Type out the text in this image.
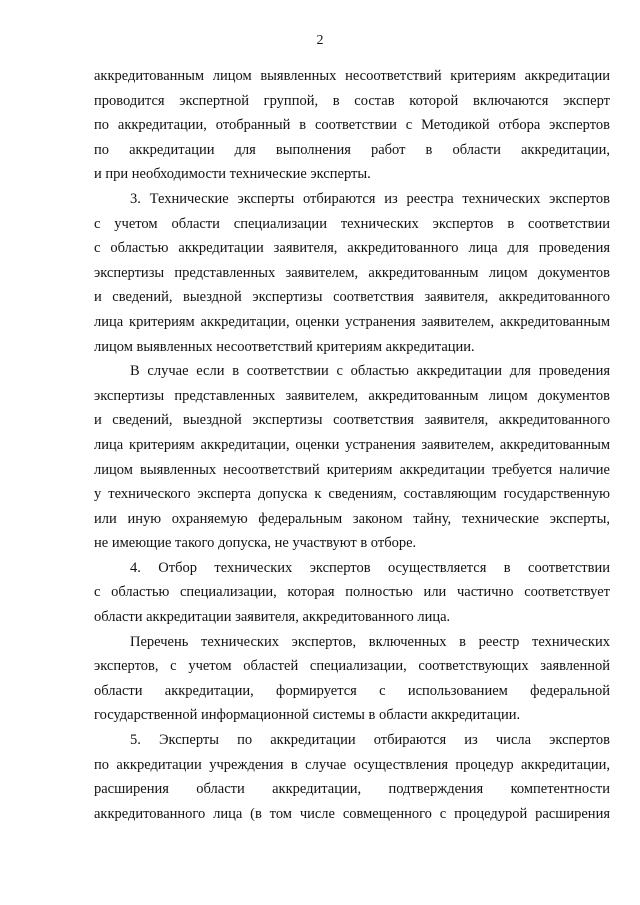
2
аккредитованным лицом выявленных несоответствий критериям аккредитации
проводится экспертной группой, в состав которой включаются эксперт
по аккредитации, отобранный в соответствии с Методикой отбора экспертов
по аккредитации для выполнения работ в области аккредитации,
и при необходимости технические эксперты.
3. Технические эксперты отбираются из реестра технических экспертов
с учетом области специализации технических экспертов в соответствии
с областью аккредитации заявителя, аккредитованного лица для проведения
экспертизы представленных заявителем, аккредитованным лицом документов
и сведений, выездной экспертизы соответствия заявителя, аккредитованного
лица критериям аккредитации, оценки устранения заявителем, аккредитованным
лицом выявленных несоответствий критериям аккредитации.
В случае если в соответствии с областью аккредитации для проведения
экспертизы представленных заявителем, аккредитованным лицом документов
и сведений, выездной экспертизы соответствия заявителя, аккредитованного
лица критериям аккредитации, оценки устранения заявителем, аккредитованным
лицом выявленных несоответствий критериям аккредитации требуется наличие
у технического эксперта допуска к сведениям, составляющим государственную
или иную охраняемую федеральным законом тайну, технические эксперты,
не имеющие такого допуска, не участвуют в отборе.
4. Отбор технических экспертов осуществляется в соответствии
с областью специализации, которая полностью или частично соответствует
области аккредитации заявителя, аккредитованного лица.
Перечень технических экспертов, включенных в реестр технических
экспертов, с учетом областей специализации, соответствующих заявленной
области аккредитации, формируется с использованием федеральной
государственной информационной системы в области аккредитации.
5. Эксперты по аккредитации отбираются из числа экспертов
по аккредитации учреждения в случае осуществления процедур аккредитации,
расширения области аккредитации, подтверждения компетентности
аккредитованного лица (в том числе совмещенного с процедурой расширения
